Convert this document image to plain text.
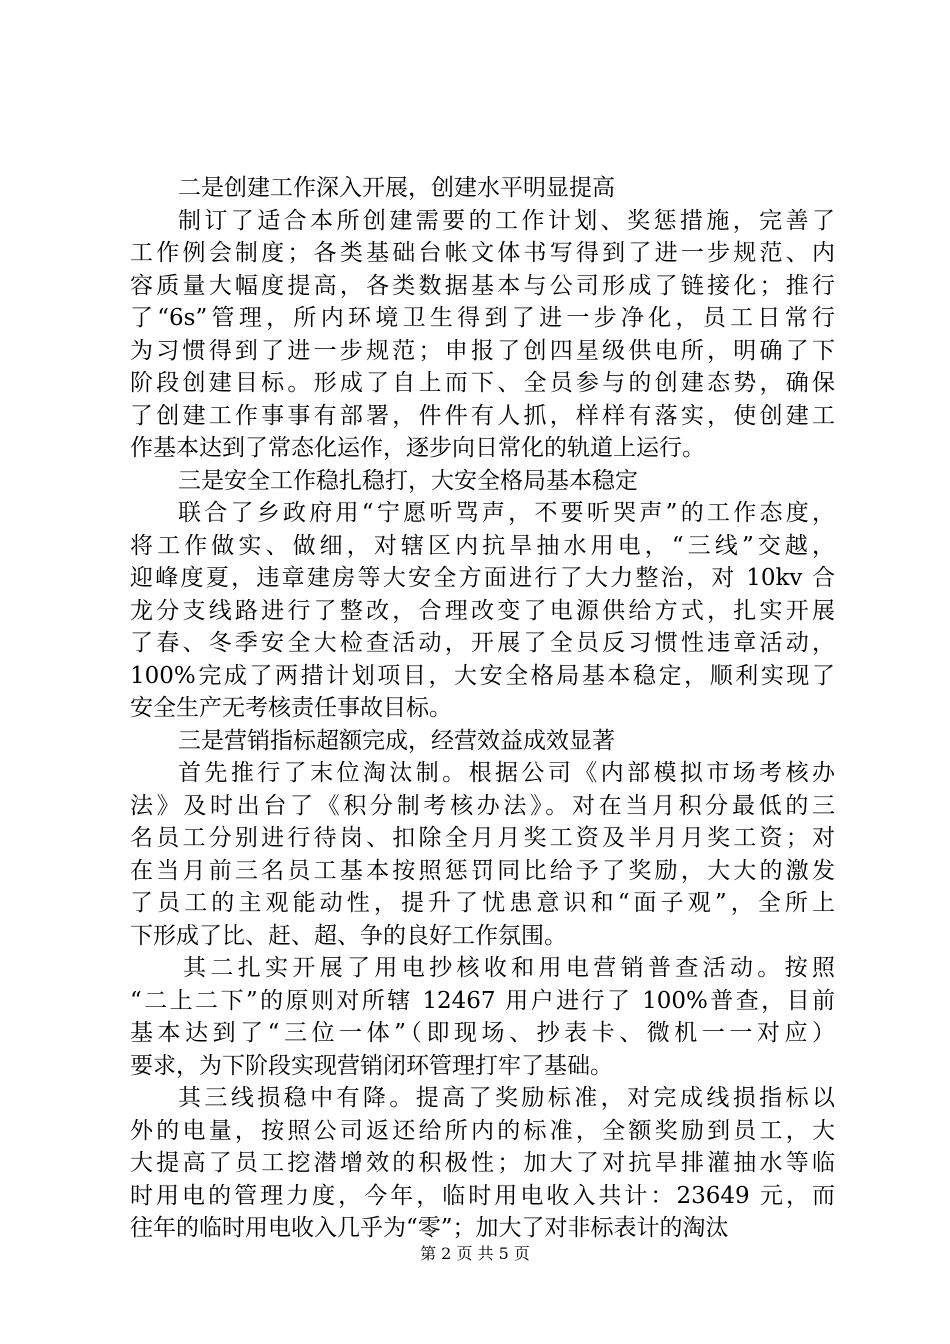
二是创建工作深入开展，创建水平明显提高
制订了适合本所创建需要的工作计划、奖惩措施，完善了
工作例会制度；各类基础台帐文体书写得到了进一步规范、内
容质量大幅度提高，各类数据基本与公司形成了链接化；推行
了“6s”管理，所内环境卫生得到了进一步净化，员工日常行
为习惯得到了进一步规范；申报了创四星级供电所，明确了下
阶段创建目标。形成了自上而下、全员参与的创建态势，确保
了创建工作事事有部署，件件有人抓，样样有落实，使创建工
作基本达到了常态化运作，逐步向日常化的轨道上运行。
三是安全工作稳扎稳打，大安全格局基本稳定
联合了乡政府用“宁愿听骂声，不要听哭声”的工作态度，
将工作做实、做细，对辖区内抗旱抽水用电，“三线”交越，
迎峰度夏，违章建房等大安全方面进行了大力整治，对 10kv 合
龙分支线路进行了整改，合理改变了电源供给方式，扎实开展
了春、冬季安全大检查活动，开展了全员反习惯性违章活动，
100%完成了两措计划项目，大安全格局基本稳定，顺利实现了
安全生产无考核责任事故目标。
三是营销指标超额完成，经营效益成效显著
首先推行了末位淘汰制。根据公司《内部模拟市场考核办
法》及时出台了《积分制考核办法》。对在当月积分最低的三
名员工分别进行待岗、扣除全月月奖工资及半月月奖工资；对
在当月前三名员工基本按照惩罚同比给予了奖励，大大的激发
了员工的主观能动性，提升了忧患意识和“面子观”，全所上
下形成了比、赶、超、争的良好工作氛围。
其二扎实开展了用电抄核收和用电营销普查活动。按照
“二上二下”的原则对所辖 12467 用户进行了 100%普查，目前
基本达到了“三位一体”（即现场、抄表卡、微机一一对应）
要求，为下阶段实现营销闭环管理打牢了基础。
其三线损稳中有降。提高了奖励标准，对完成线损指标以
外的电量，按照公司返还给所内的标准，全额奖励到员工，大
大提高了员工挖潜增效的积极性；加大了对抗旱排灌抽水等临
时用电的管理力度，今年，临时用电收入共计：23649 元，而
往年的临时用电收入几乎为“零”；加大了对非标表计的淘汰
第 2 页 共 5 页
